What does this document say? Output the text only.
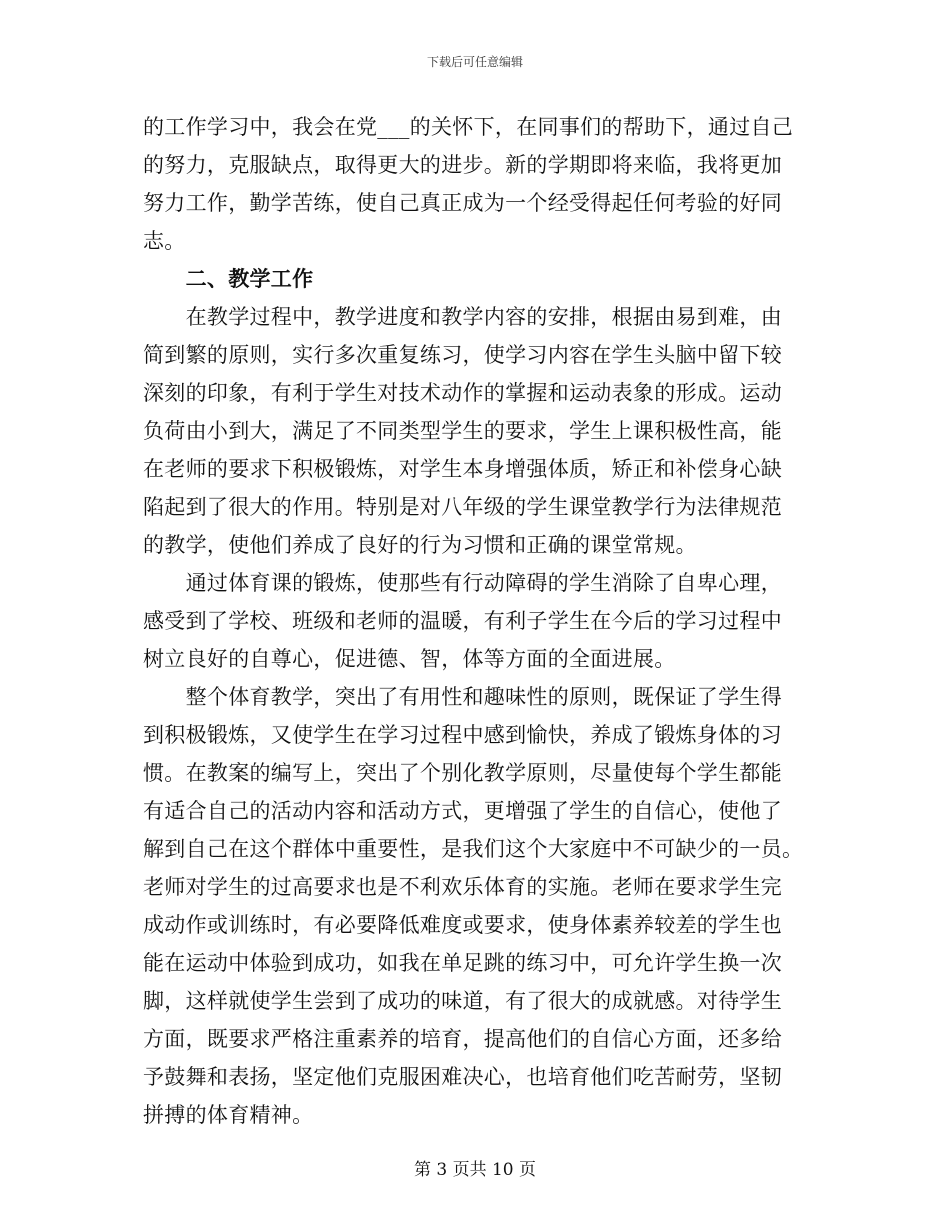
下载后可任意编辑
的工作学习中，我会在党___的关怀下，在同事们的帮助下，通过自己
的努力，克服缺点，取得更大的进步。新的学期即将来临，我将更加
努力工作，勤学苦练，使自己真正成为一个经受得起任何考验的好同
志。
　　二、教学工作
　　在教学过程中，教学进度和教学内容的安排，根据由易到难，由
简到繁的原则，实行多次重复练习，使学习内容在学生头脑中留下较
深刻的印象，有利于学生对技术动作的掌握和运动表象的形成。运动
负荷由小到大，满足了不同类型学生的要求，学生上课积极性高，能
在老师的要求下积极锻炼，对学生本身增强体质，矫正和补偿身心缺
陷起到了很大的作用。特别是对八年级的学生课堂教学行为法律规范
的教学，使他们养成了良好的行为习惯和正确的课堂常规。
　　通过体育课的锻炼，使那些有行动障碍的学生消除了自卑心理，
感受到了学校、班级和老师的温暖，有利子学生在今后的学习过程中
树立良好的自尊心，促进德、智，体等方面的全面进展。
　　整个体育教学，突出了有用性和趣味性的原则，既保证了学生得
到积极锻炼，又使学生在学习过程中感到愉快，养成了锻炼身体的习
惯。在教案的编写上，突出了个别化教学原则，尽量使每个学生都能
有适合自己的活动内容和活动方式，更增强了学生的自信心，使他了
解到自己在这个群体中重要性，是我们这个大家庭中不可缺少的一员。
老师对学生的过高要求也是不利欢乐体育的实施。老师在要求学生完
成动作或训练时，有必要降低难度或要求，使身体素养较差的学生也
能在运动中体验到成功，如我在单足跳的练习中，可允许学生换一次
脚，这样就使学生尝到了成功的味道，有了很大的成就感。对待学生
方面，既要求严格注重素养的培育，提高他们的自信心方面，还多给
予鼓舞和表扬，坚定他们克服困难决心，也培育他们吃苦耐劳，坚韧
拼搏的体育精神。
第 3 页共 10 页
